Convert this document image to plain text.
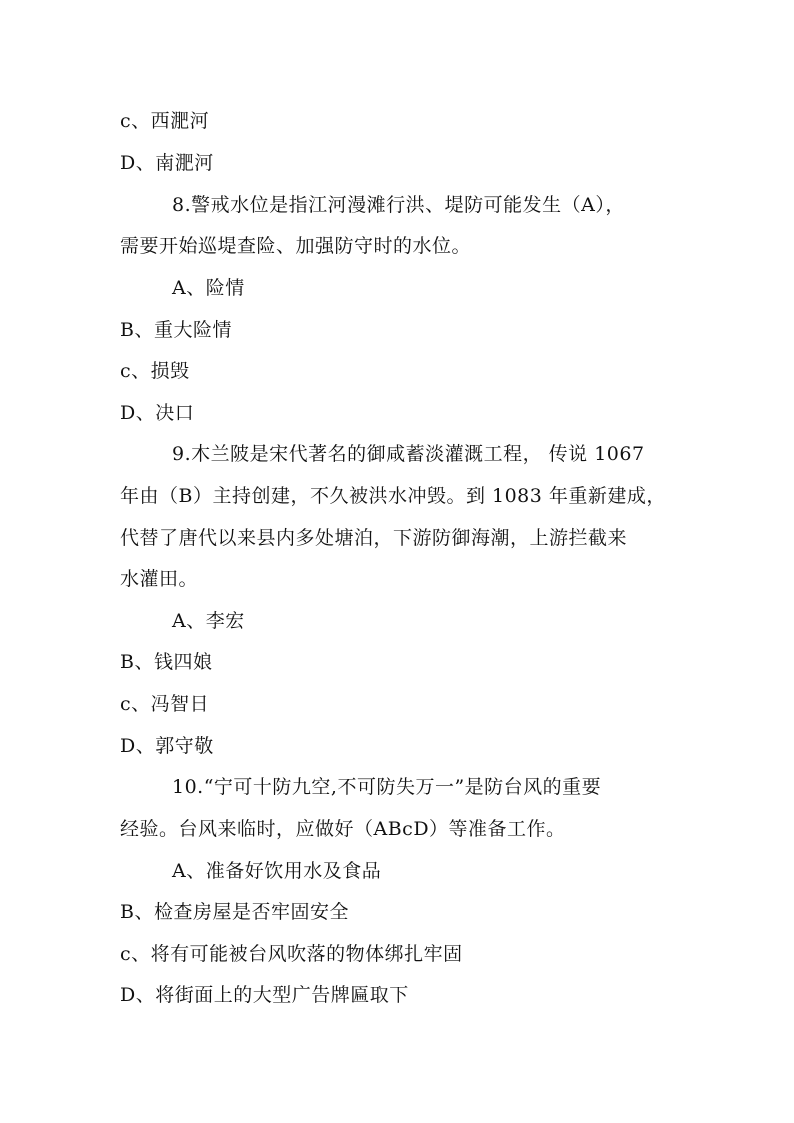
c、西淝河
D、南淝河
8.警戒水位是指江河漫滩行洪、堤防可能发生（A），
需要开始巡堤查险、加强防守时的水位。
A、险情
B、重大险情
c、损毁
D、决口
9.木兰陂是宋代著名的御咸蓄淡灌溉工程， 传说 1067
年由（B）主持创建，不久被洪水冲毁。到 1083 年重新建成，
代替了唐代以来县内多处塘泊，下游防御海潮，上游拦截来
水灌田。
A、李宏
B、钱四娘
c、冯智日
D、郭守敬
10.“宁可十防九空,不可防失万一”是防台风的重要
经验。台风来临时，应做好（ABcD）等准备工作。
A、准备好饮用水及食品
B、检查房屋是否牢固安全
c、将有可能被台风吹落的物体绑扎牢固
D、将街面上的大型广告牌匾取下
